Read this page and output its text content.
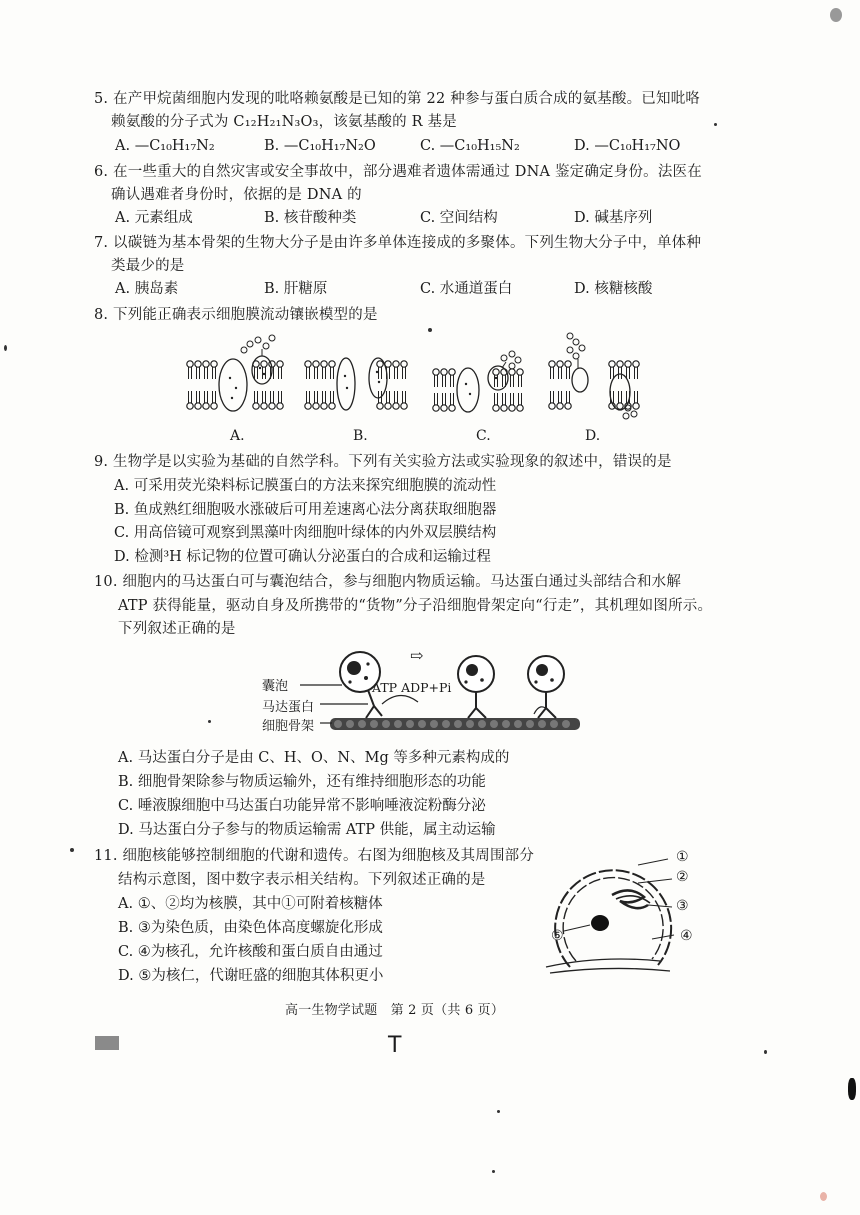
5. 在产甲烷菌细胞内发现的吡咯赖氨酸是已知的第 22 种参与蛋白质合成的氨基酸。已知吡咯
赖氨酸的分子式为 C₁₂H₂₁N₃O₃，该氨基酸的 R 基是
A. —C₁₀H₁₇N₂	B. —C₁₀H₁₇N₂O	C. —C₁₀H₁₅N₂	D. —C₁₀H₁₇NO
6. 在一些重大的自然灾害或安全事故中，部分遇难者遗体需通过 DNA 鉴定确定身份。法医在
确认遇难者身份时，依据的是 DNA 的
A. 元素组成	B. 核苷酸种类	C. 空间结构	D. 碱基序列
7. 以碳链为基本骨架的生物大分子是由许多单体连接成的多聚体。下列生物大分子中，单体种
类最少的是
A. 胰岛素	B. 肝糖原	C. 水通道蛋白	D. 核糖核酸
8. 下列能正确表示细胞膜流动镶嵌模型的是
A.	B.	C.	D.
9. 生物学是以实验为基础的自然学科。下列有关实验方法或实验现象的叙述中，错误的是
A. 可采用荧光染料标记膜蛋白的方法来探究细胞膜的流动性
B. 鱼成熟红细胞吸水涨破后可用差速离心法分离获取细胞器
C. 用高倍镜可观察到黑藻叶肉细胞叶绿体的内外双层膜结构
D. 检测³H 标记物的位置可确认分泌蛋白的合成和运输过程
10. 细胞内的马达蛋白可与囊泡结合，参与细胞内物质运输。马达蛋白通过头部结合和水解
ATP 获得能量，驱动自身及所携带的“货物”分子沿细胞骨架定向“行走”，其机理如图所示。
下列叙述正确的是
囊泡
马达蛋白
细胞骨架
ATP ADP+Pi
⇨
A. 马达蛋白分子是由 C、H、O、N、Mg 等多种元素构成的
B. 细胞骨架除参与物质运输外，还有维持细胞形态的功能
C. 唾液腺细胞中马达蛋白功能异常不影响唾液淀粉酶分泌
D. 马达蛋白分子参与的物质运输需 ATP 供能，属主动运输
11. 细胞核能够控制细胞的代谢和遗传。右图为细胞核及其周围部分
结构示意图，图中数字表示相关结构。下列叙述正确的是
A. ①、②均为核膜，其中①可附着核糖体
B. ③为染色质，由染色体高度螺旋化形成
C. ④为核孔，允许核酸和蛋白质自由通过
D. ⑤为核仁，代谢旺盛的细胞其体积更小
①
②
③
④
⑤
高一生物学试题　第 2 页（共 6 页）
T
